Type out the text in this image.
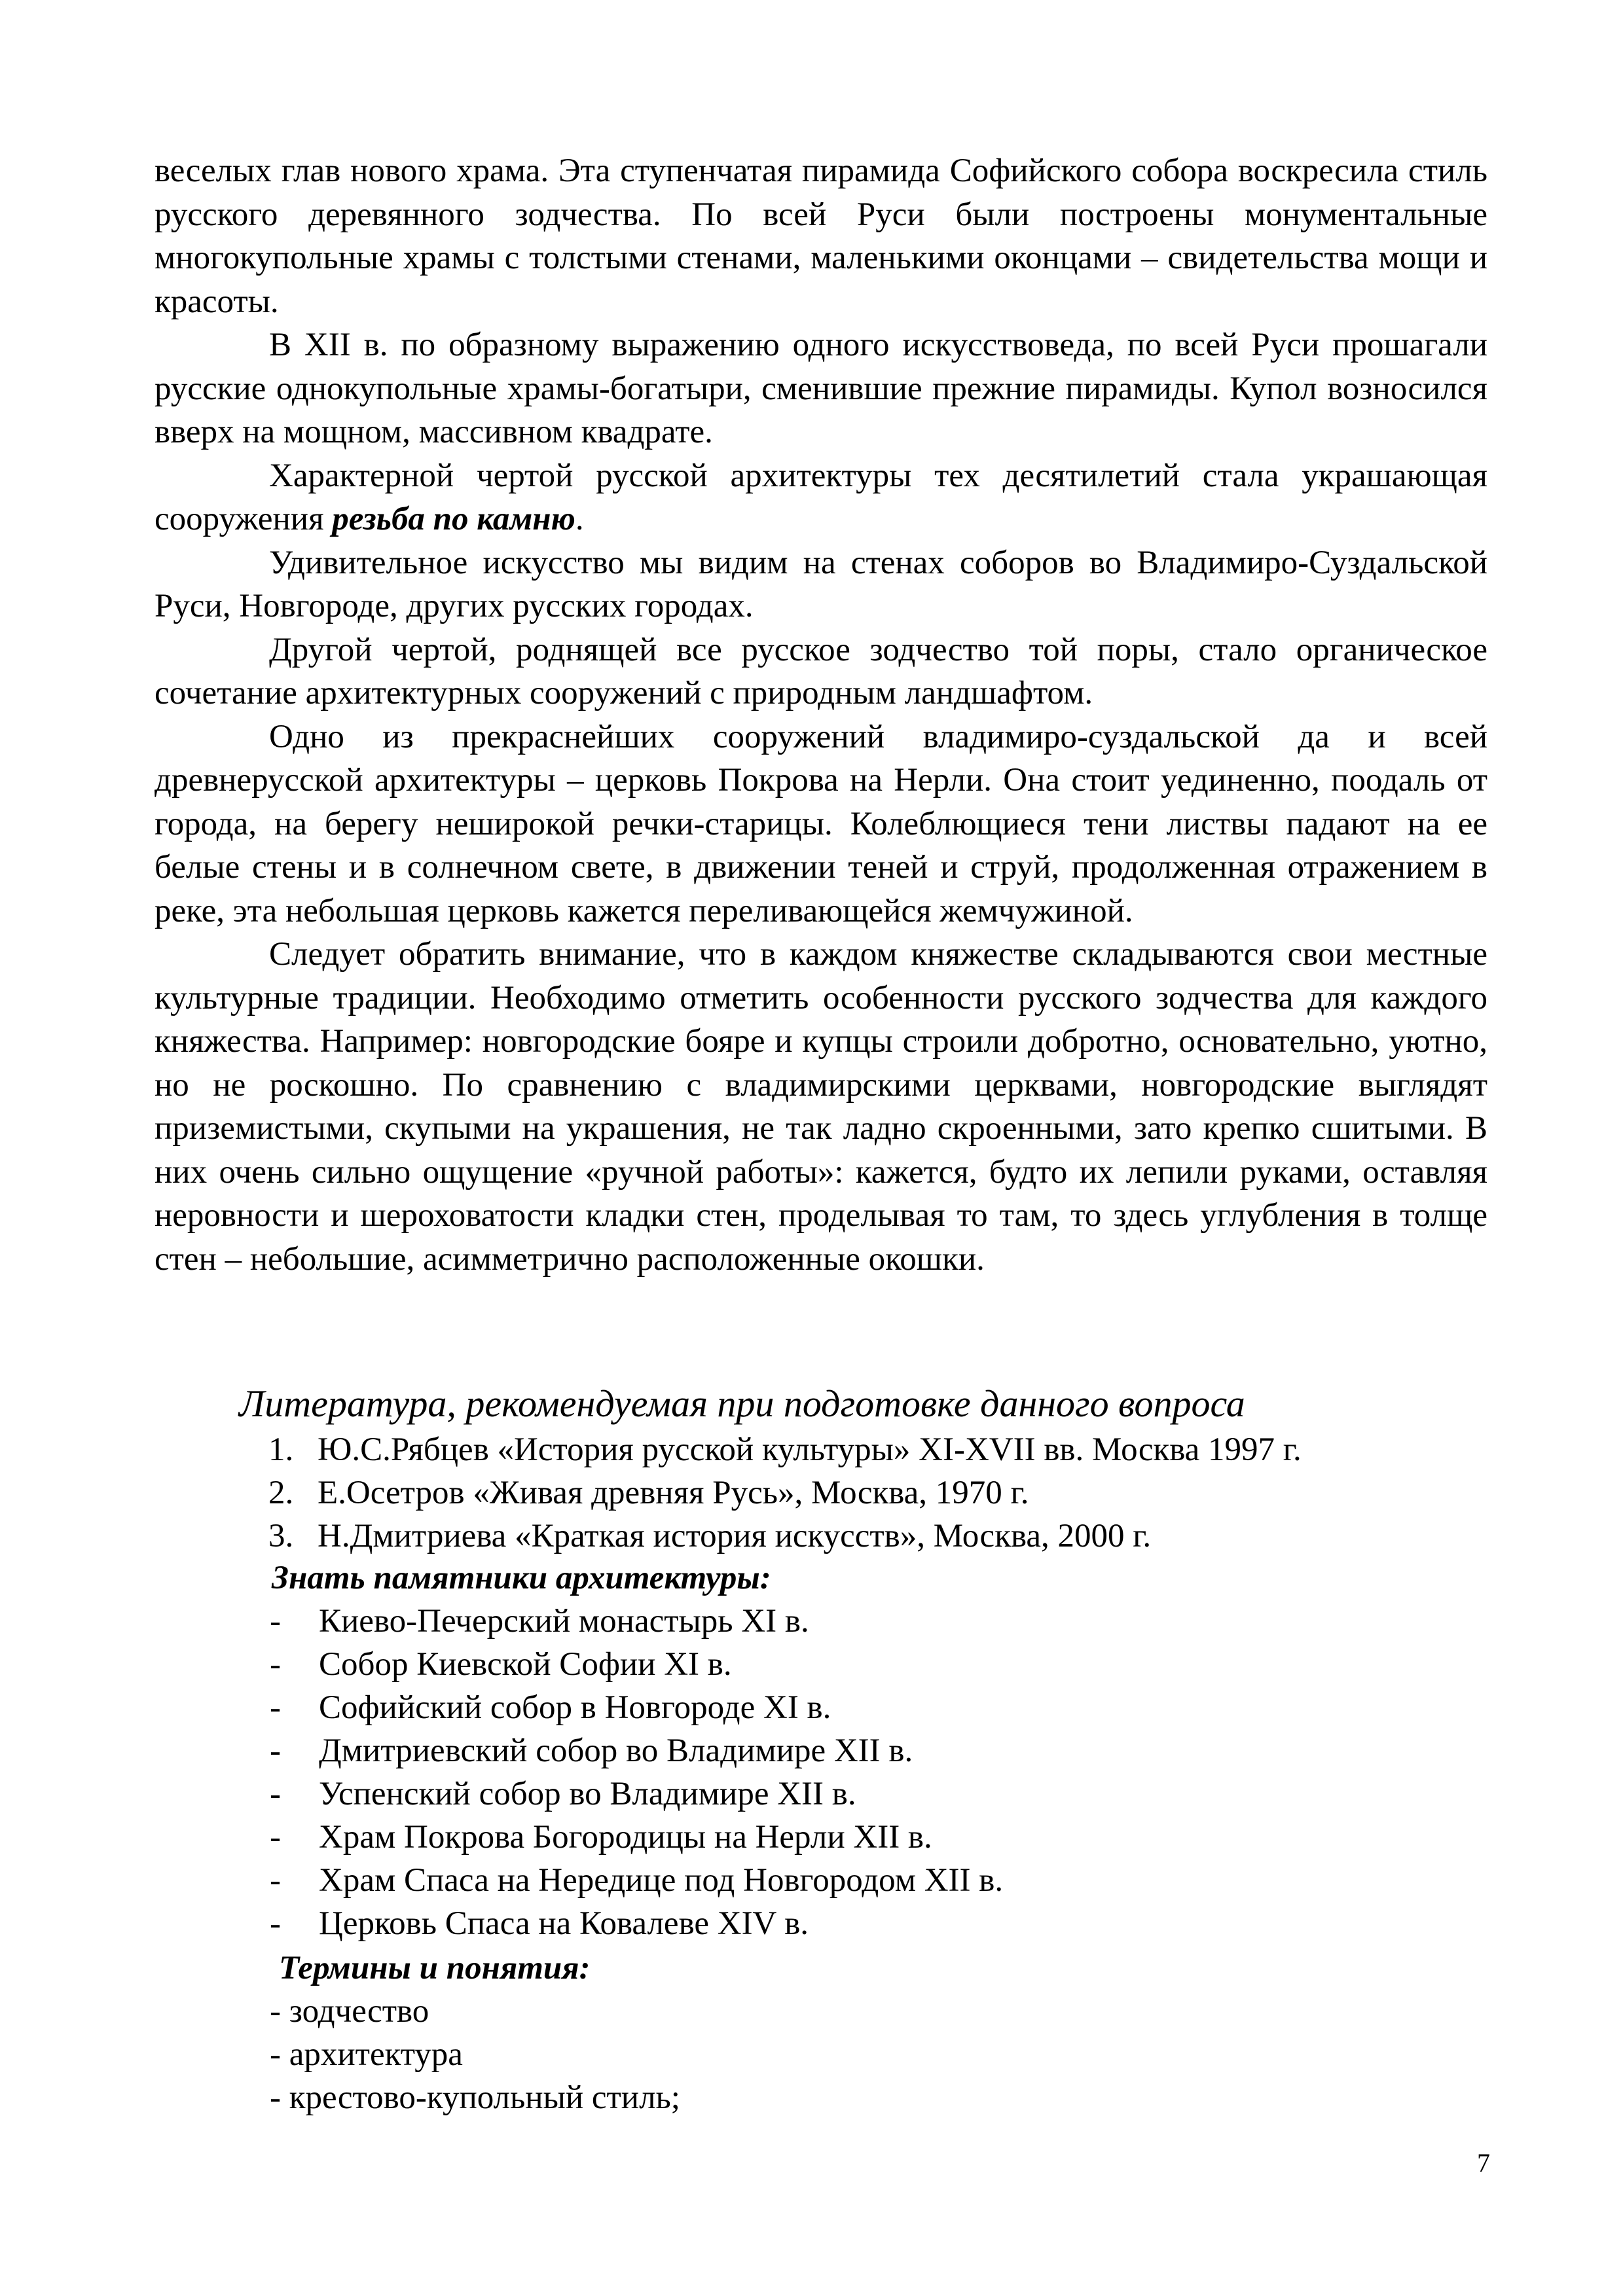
веселых глав нового храма. Эта ступенчатая пирамида Софийского собора воскресила стиль русского деревянного зодчества. По всей Руси были построены монументальные многокупольные храмы с толстыми стенами, маленькими оконцами – свидетельства мощи и красоты.

В XII в. по образному выражению одного искусствоведа, по всей Руси прошагали русские однокупольные храмы-богатыри, сменившие прежние пирамиды. Купол возносился вверх на мощном, массивном квадрате.

Характерной чертой русской архитектуры тех десятилетий стала украшающая сооружения резьба по камню.

Удивительное искусство мы видим на стенах соборов во Владимиро-Суздальской Руси, Новгороде, других русских городах.

Другой чертой, роднящей все русское зодчество той поры, стало органическое сочетание архитектурных сооружений с природным ландшафтом.

Одно из прекраснейших сооружений владимиро-суздальской да и всей древнерусской архитектуры – церковь Покрова на Нерли. Она стоит уединенно, поодаль от города, на берегу неширокой речки-старицы. Колеблющиеся тени листвы падают на ее белые стены и в солнечном свете, в движении теней и струй, продолженная отражением в реке, эта небольшая церковь кажется переливающейся жемчужиной.

Следует обратить внимание, что в каждом княжестве складываются свои местные культурные традиции. Необходимо отметить особенности русского зодчества для каждого княжества. Например: новгородские бояре и купцы строили добротно, основательно, уютно, но не роскошно. По сравнению с владимирскими церквами, новгородские выглядят приземистыми, скупыми на украшения, не так ладно скроенными, зато крепко сшитыми. В них очень сильно ощущение «ручной работы»: кажется, будто их лепили руками, оставляя неровности и шероховатости кладки стен, проделывая то там, то здесь углубления в толще стен – небольшие, асимметрично расположенные окошки.

Литература, рекомендуемая при подготовке данного вопроса
1. Ю.С.Рябцев «История русской культуры» XI-XVII вв. Москва 1997 г.
2. Е.Осетров «Живая древняя Русь», Москва, 1970 г.
3. Н.Дмитриева «Краткая история искусств», Москва, 2000 г.
Знать памятники архитектуры:
-	Киево-Печерский монастырь XI в.
-	Собор Киевской Софии XI в.
-	Софийский собор в Новгороде XI в.
-	Дмитриевский собор во Владимире XII в.
-	Успенский собор во Владимире XII в.
-	Храм Покрова Богородицы на Нерли XII в.
-	Храм Спаса на Нередице под Новгородом XII в.
-	Церковь Спаса на Ковалеве XIV в.
Термины и понятия:
- зодчество
- архитектура
- крестово-купольный стиль;
7
